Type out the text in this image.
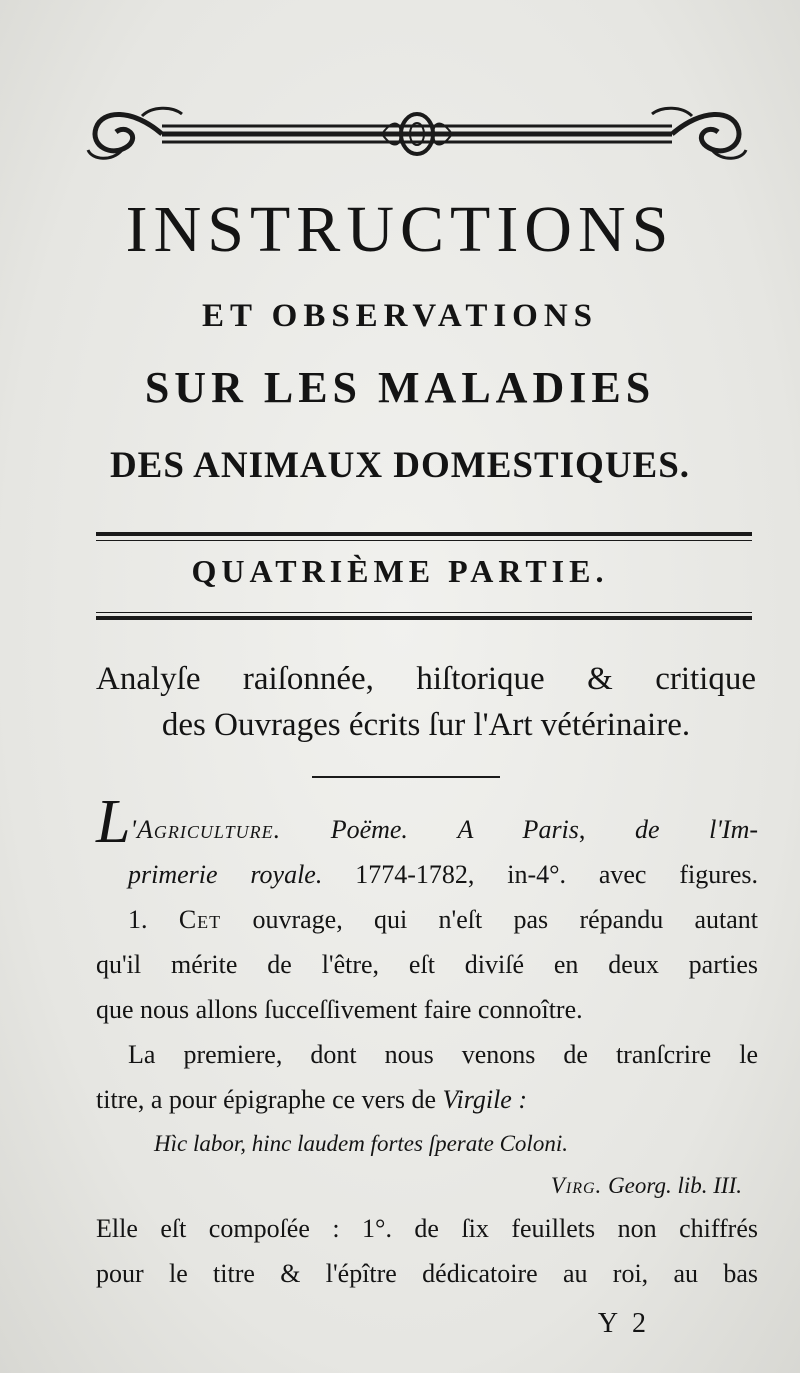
INSTRUCTIONS
ET OBSERVATIONS
SUR LES MALADIES
DES ANIMAUX DOMESTIQUES.
QUATRIÈME PARTIE.
Analyſe raiſonnée, hiſtorique & critique
des Ouvrages écrits ſur l'Art vétérinaire.
L'Agriculture. Poëme. A Paris, de l'Im-
primerie royale. 1774-1782, in-4°. avec figures.
1. Cet ouvrage, qui n'eſt pas répandu autant
qu'il mérite de l'être, eſt diviſé en deux parties
que nous allons ſucceſſivement faire connoître.
La premiere, dont nous venons de tranſcrire le
titre, a pour épigraphe ce vers de Virgile :
Hìc labor, hinc laudem fortes ſperate Coloni.
Virg. Georg. lib. III.
Elle eſt compoſée : 1°. de ſix feuillets non chiffrés
pour le titre & l'épître dédicatoire au roi, au bas
Y 2
